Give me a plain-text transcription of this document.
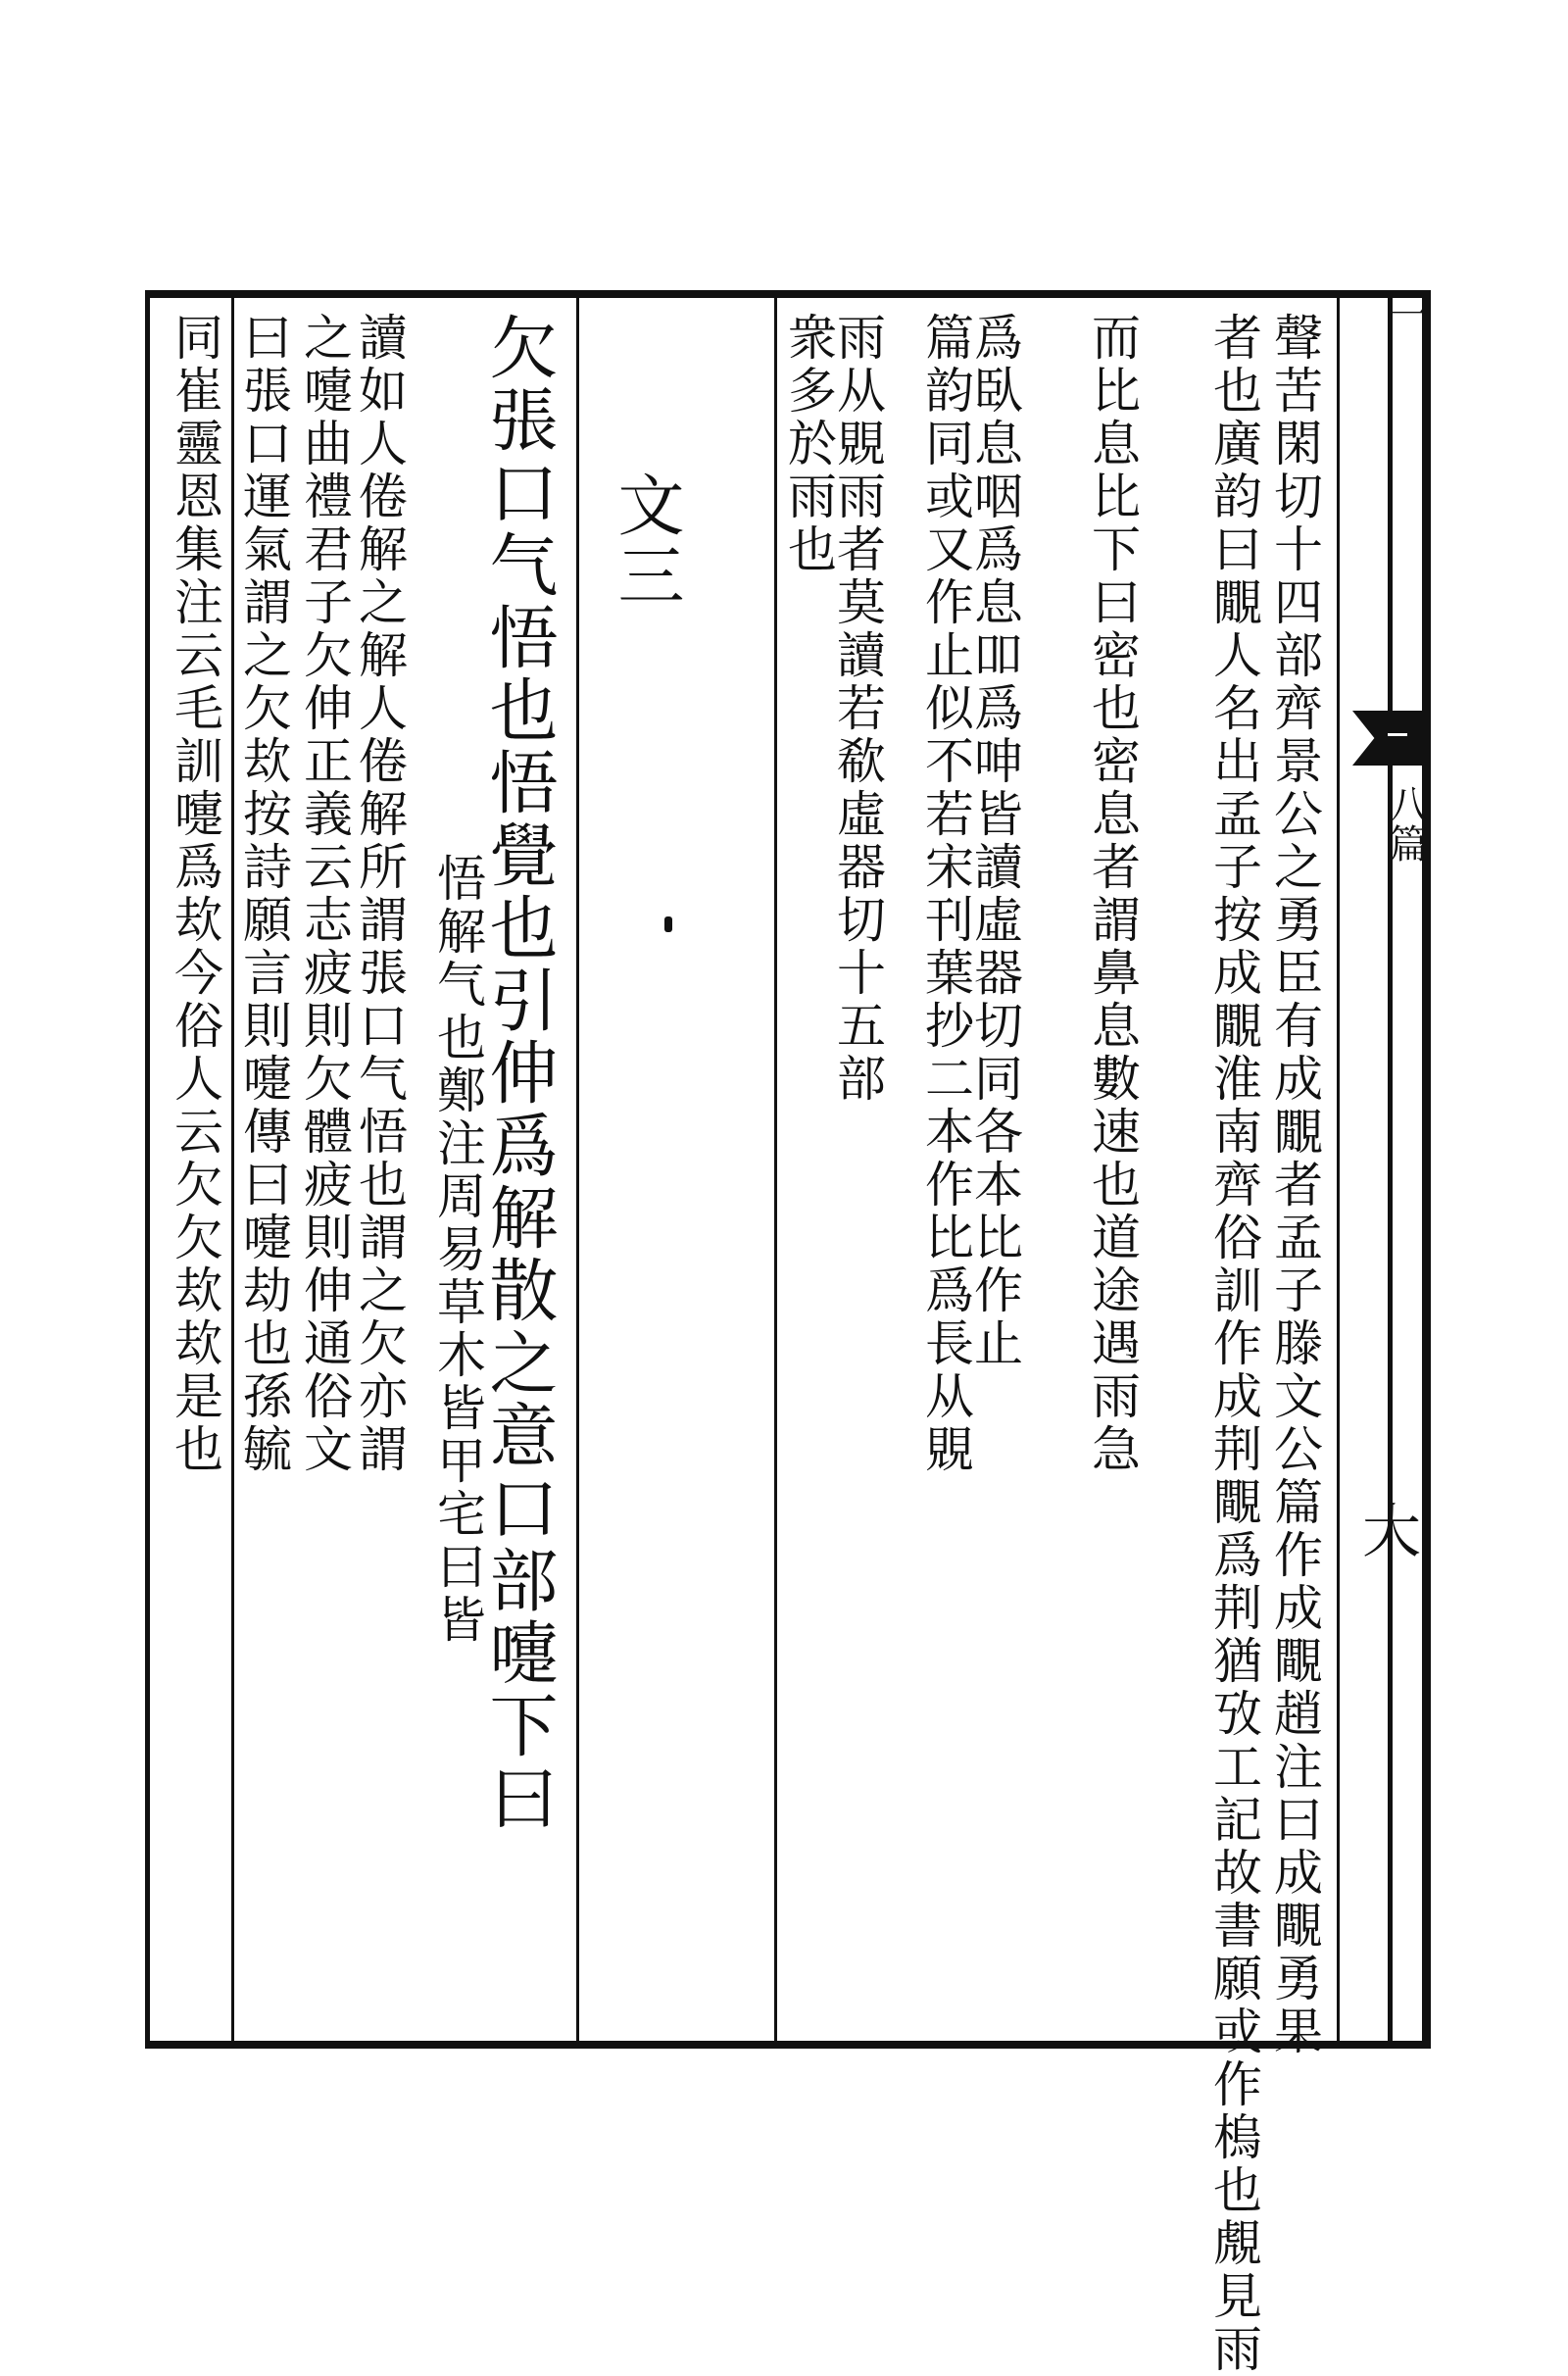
一
八篇
大
聲苦閑切十四部齊景公之勇臣有成覵者孟子滕文公篇作成覸趙注曰成覸勇果
者也廣韵曰覵人名出孟子按成覵淮南齊俗訓作成荆覸爲荆猶攷工記故書願或作㮧也覤見雨
而比息比下曰密也密息者謂鼻息數速也道途遇雨急
爲臥息咽爲息吅爲呻皆讀虛器切同各本比作止
篇韵同或又作止似不若宋刊葉抄二本作比爲長从覞
雨从覞雨者莫讀若欷虛器切十五部
衆多於雨也
文三
欠張口气悟也悟覺也引伸爲解散之意口部嚏下曰
悟解气也鄭注周易草木皆甲宅曰皆
讀如人倦解之解人倦解所謂張口气悟也謂之欠亦謂
之嚏曲禮君子欠伸正義云志疲則欠體疲則伸通俗文
曰張口運氣謂之欠㰦按詩願言則嚏傳曰嚏劫也孫毓
同崔靈恩集注云毛訓嚏爲㰦今俗人云欠欠㰦㰦是也
